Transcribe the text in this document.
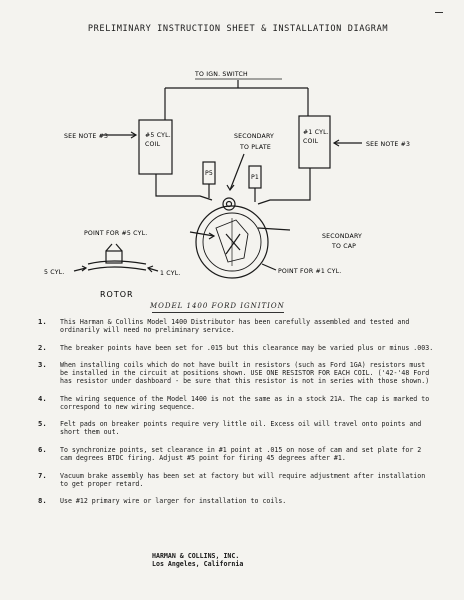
PRELIMINARY INSTRUCTION SHEET & INSTALLATION DIAGRAM
TO IGN. SWITCH
SEE NOTE #3
SEE NOTE #3
#5 CYL.
COIL
#1 CYL.
COIL
SECONDARY
TO PLATE
P5
P1
POINT FOR #5 CYL.	SECONDARY
TO CAP
POINT FOR #1 CYL.
5 CYL.	1 CYL.
ROTOR
MODEL 1400 FORD IGNITION
1. This Harman & Collins Model 1400 Distributor has been carefully assembled and tested and ordinarily will need no preliminary service.
2. The breaker points have been set for .015 but this clearance may be varied plus or minus .003.
3. When installing coils which do not have built in resistors (such as Ford 1GA) resistors must be installed in the circuit at positions shown. USE ONE RESISTOR FOR EACH COIL. ('42-'48 Ford has resistor under dashboard - be sure that this resistor is not in series with those shown.)
4. The wiring sequence of the Model 1400 is not the same as in a stock 21A. The cap is marked to correspond to new wiring sequence.
5. Felt pads on breaker points require very little oil. Excess oil will travel onto points and short them out.
6. To synchronize points, set clearance in #1 point at .015 on nose of cam and set plate for 2 cam degrees BTDC firing. Adjust #5 point for firing 45 degrees after #1.
7. Vacuum brake assembly has been set at factory but will require adjustment after installation to get proper retard.
8. Use #12 primary wire or larger for installation to coils.
HARMAN & COLLINS, INC.
Los Angeles, California
